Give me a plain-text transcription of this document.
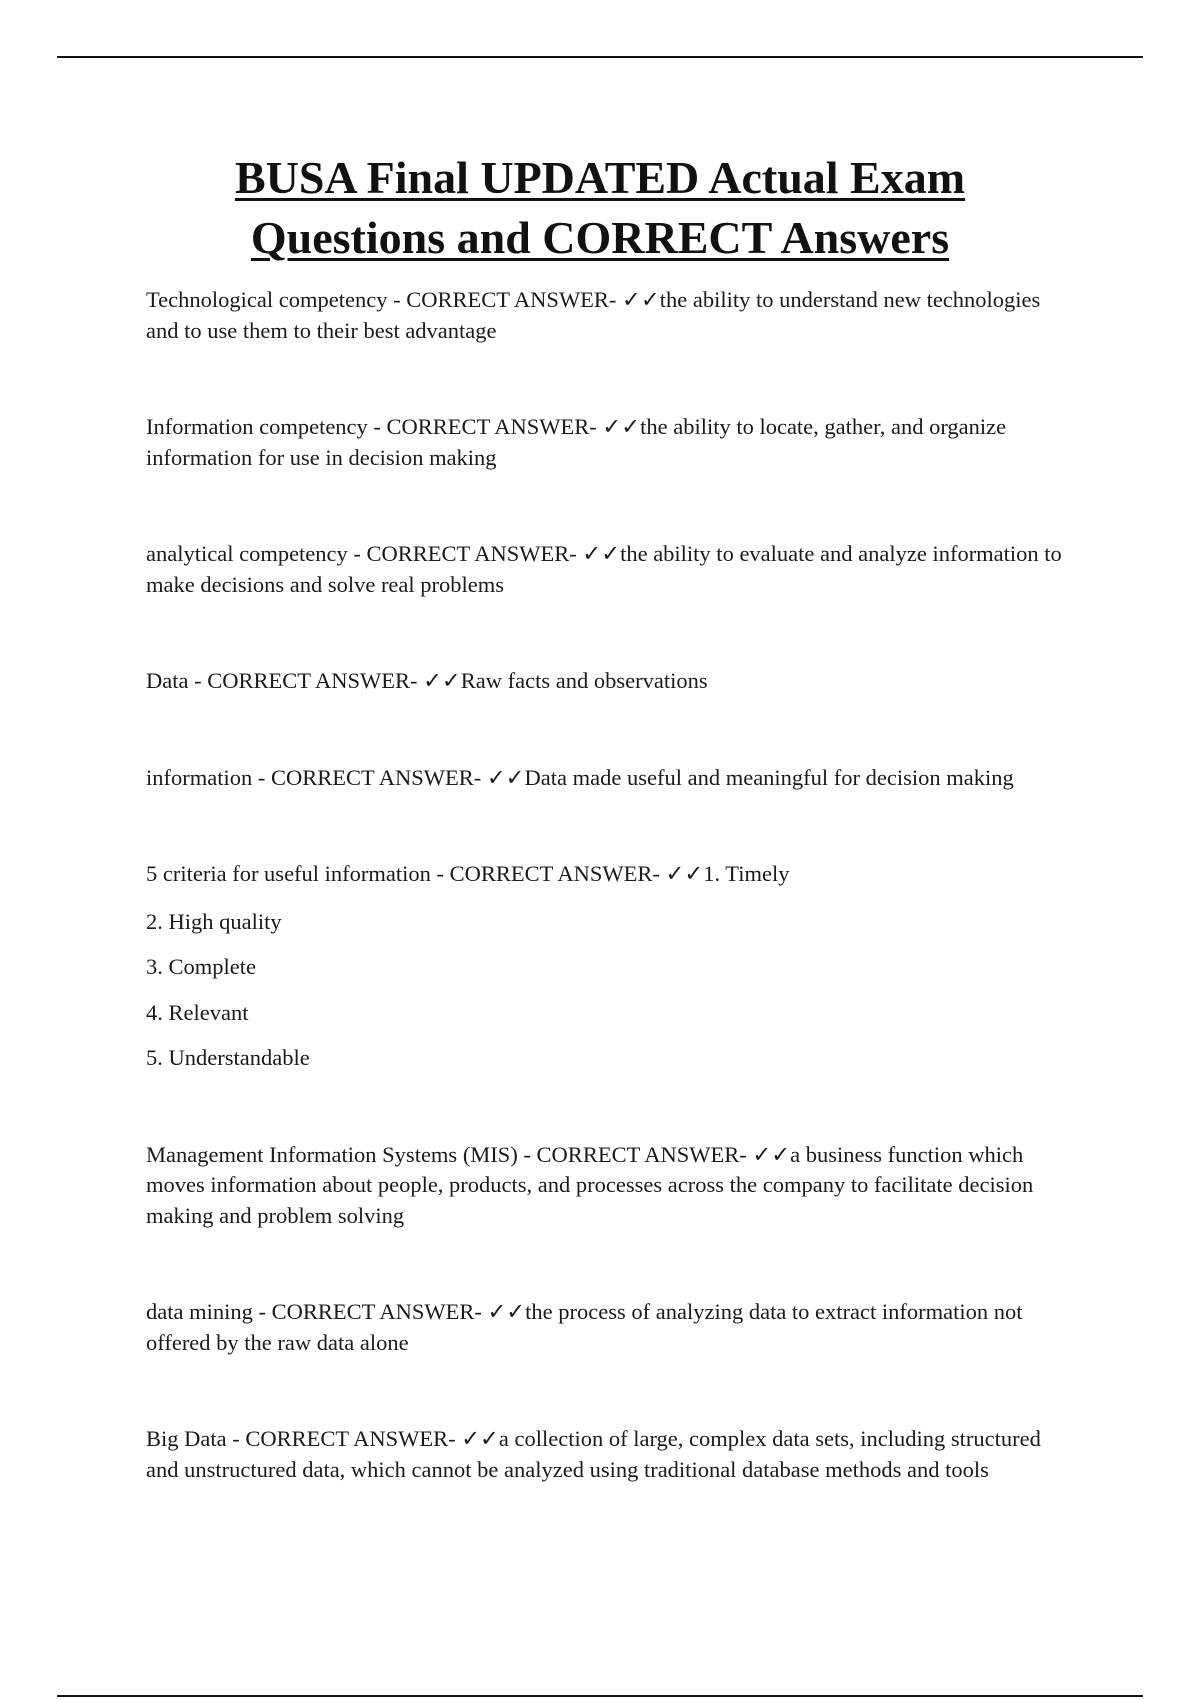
BUSA Final UPDATED Actual Exam
Questions and CORRECT Answers

Technological competency - CORRECT ANSWER- ✓✓the ability to understand new technologies and to use them to their best advantage

Information competency - CORRECT ANSWER- ✓✓the ability to locate, gather, and organize information for use in decision making

analytical competency - CORRECT ANSWER- ✓✓the ability to evaluate and analyze information to make decisions and solve real problems

Data - CORRECT ANSWER- ✓✓Raw facts and observations

information - CORRECT ANSWER- ✓✓Data made useful and meaningful for decision making

5 criteria for useful information - CORRECT ANSWER- ✓✓1. Timely

2. High quality

3. Complete

4. Relevant

5. Understandable

Management Information Systems (MIS) - CORRECT ANSWER- ✓✓a business function which moves information about people, products, and processes across the company to facilitate decision making and problem solving

data mining - CORRECT ANSWER- ✓✓the process of analyzing data to extract information not offered by the raw data alone

Big Data - CORRECT ANSWER- ✓✓a collection of large, complex data sets, including structured and unstructured data, which cannot be analyzed using traditional database methods and tools
